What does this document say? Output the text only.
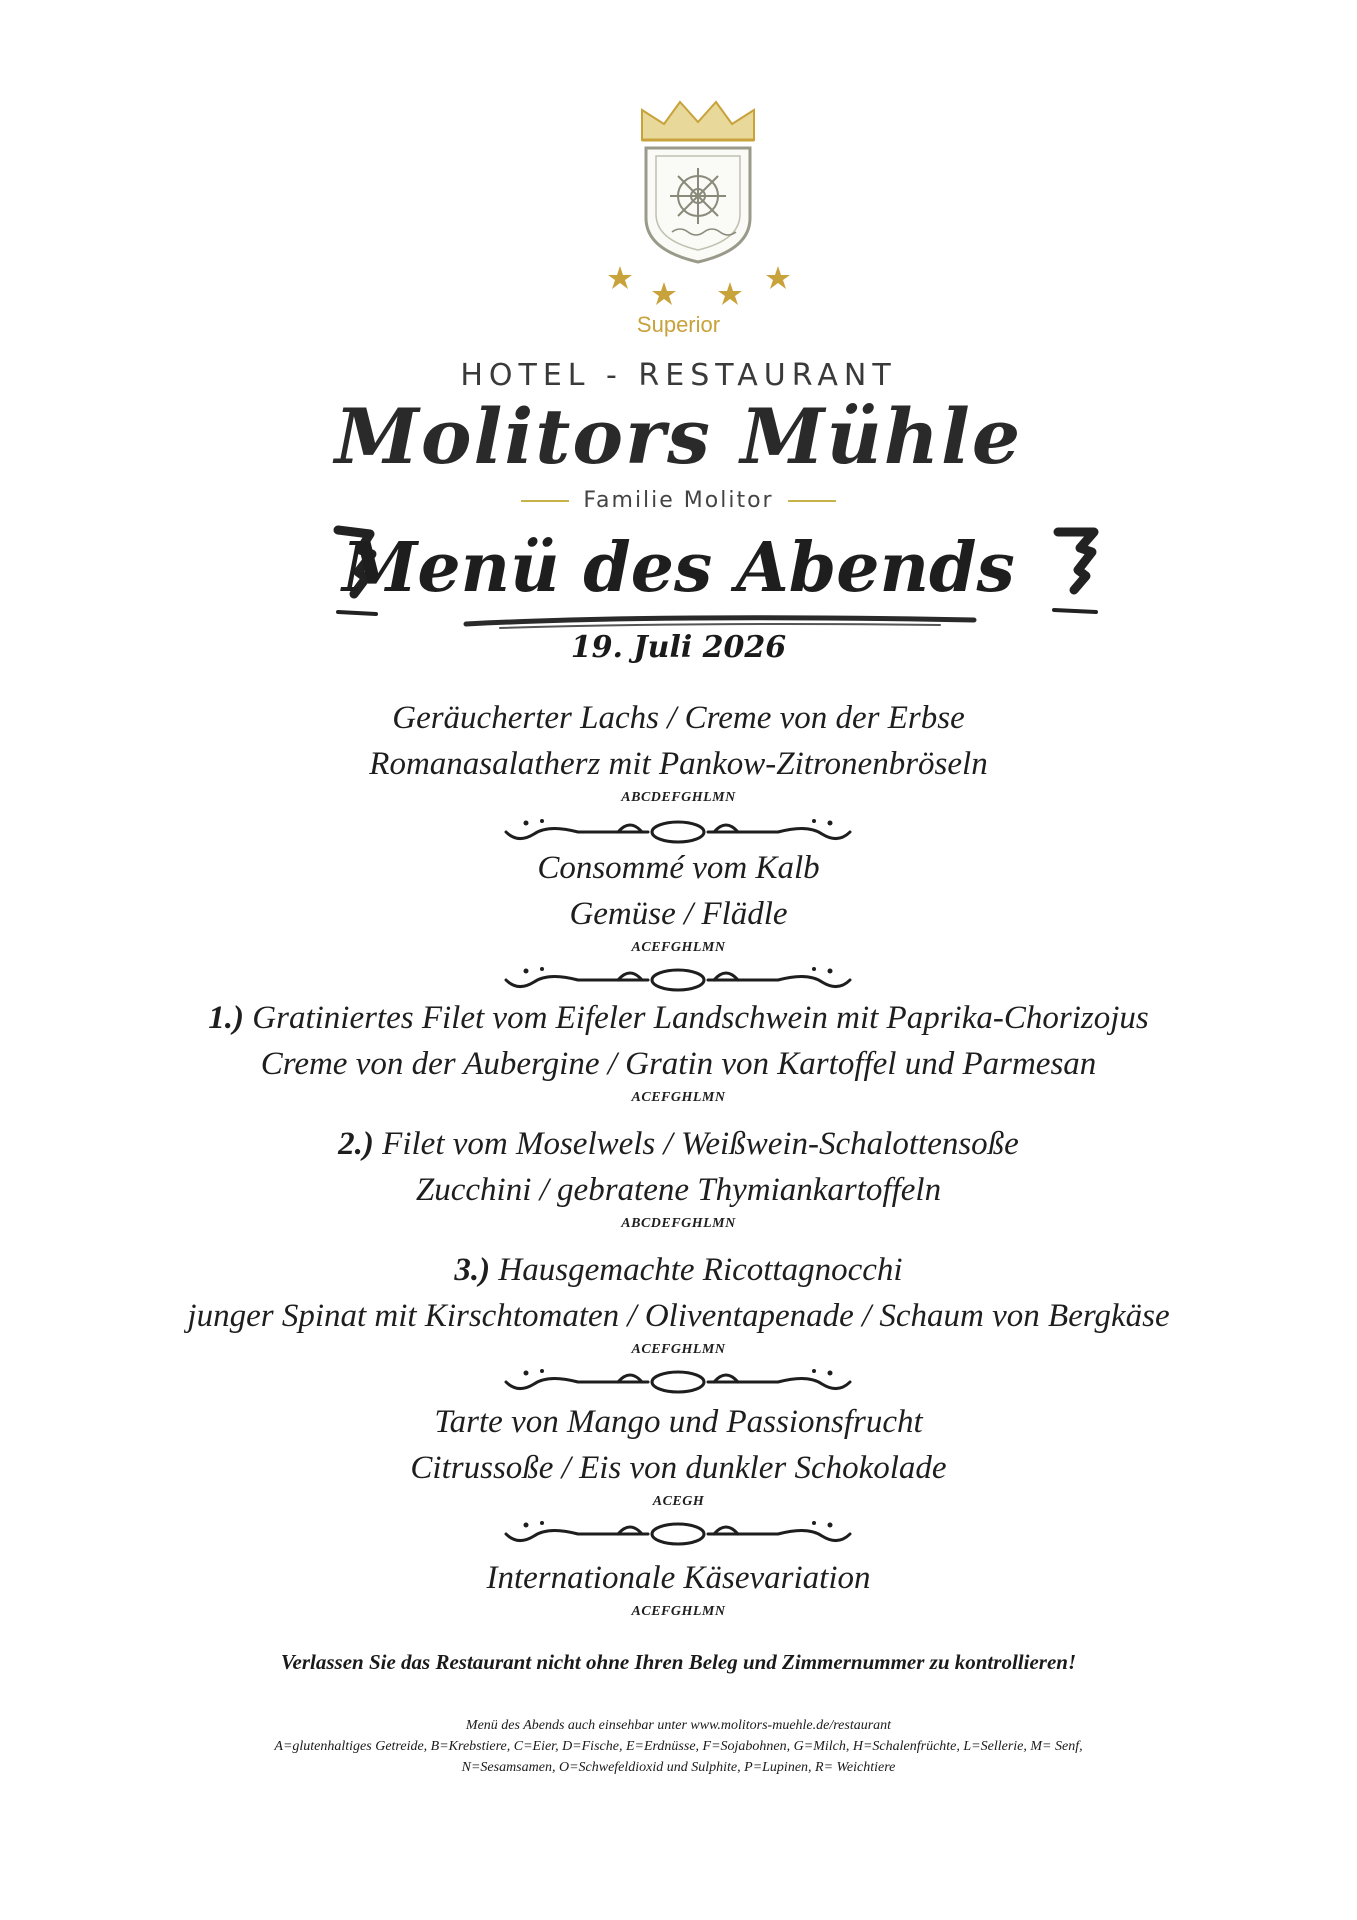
Superior
HOTEL - RESTAURANT
Molitors Mühle
Familie Molitor
Menü des Abends
19. Juli 2026
Geräucherter Lachs / Creme von der Erbse
Romanasalatherz mit Pankow-Zitronenbröseln
ABCDEFGHLMN
Consommé vom Kalb
Gemüse / Flädle
ACEFGHLMN
1.) Gratiniertes Filet vom Eifeler Landschwein mit Paprika-Chorizojus
Creme von der Aubergine / Gratin von Kartoffel und Parmesan
ACEFGHLMN
2.) Filet vom Moselwels / Weißwein-Schalottensoße
Zucchini / gebratene Thymiankartoffeln
ABCDEFGHLMN
3.) Hausgemachte Ricottagnocchi
junger Spinat mit Kirschtomaten / Oliventapenade / Schaum von Bergkäse
ACEFGHLMN
Tarte von Mango und Passionsfrucht
Citrussoße / Eis von dunkler Schokolade
ACEGH
Internationale Käsevariation
ACEFGHLMN
Verlassen Sie das Restaurant nicht ohne Ihren Beleg und Zimmernummer zu kontrollieren!
Menü des Abends auch einsehbar unter www.molitors-muehle.de/restaurant
A=glutenhaltiges Getreide, B=Krebstiere, C=Eier, D=Fische, E=Erdnüsse, F=Sojabohnen, G=Milch, H=Schalenfrüchte, L=Sellerie, M= Senf,
N=Sesamsamen, O=Schwefeldioxid und Sulphite, P=Lupinen, R= Weichtiere
